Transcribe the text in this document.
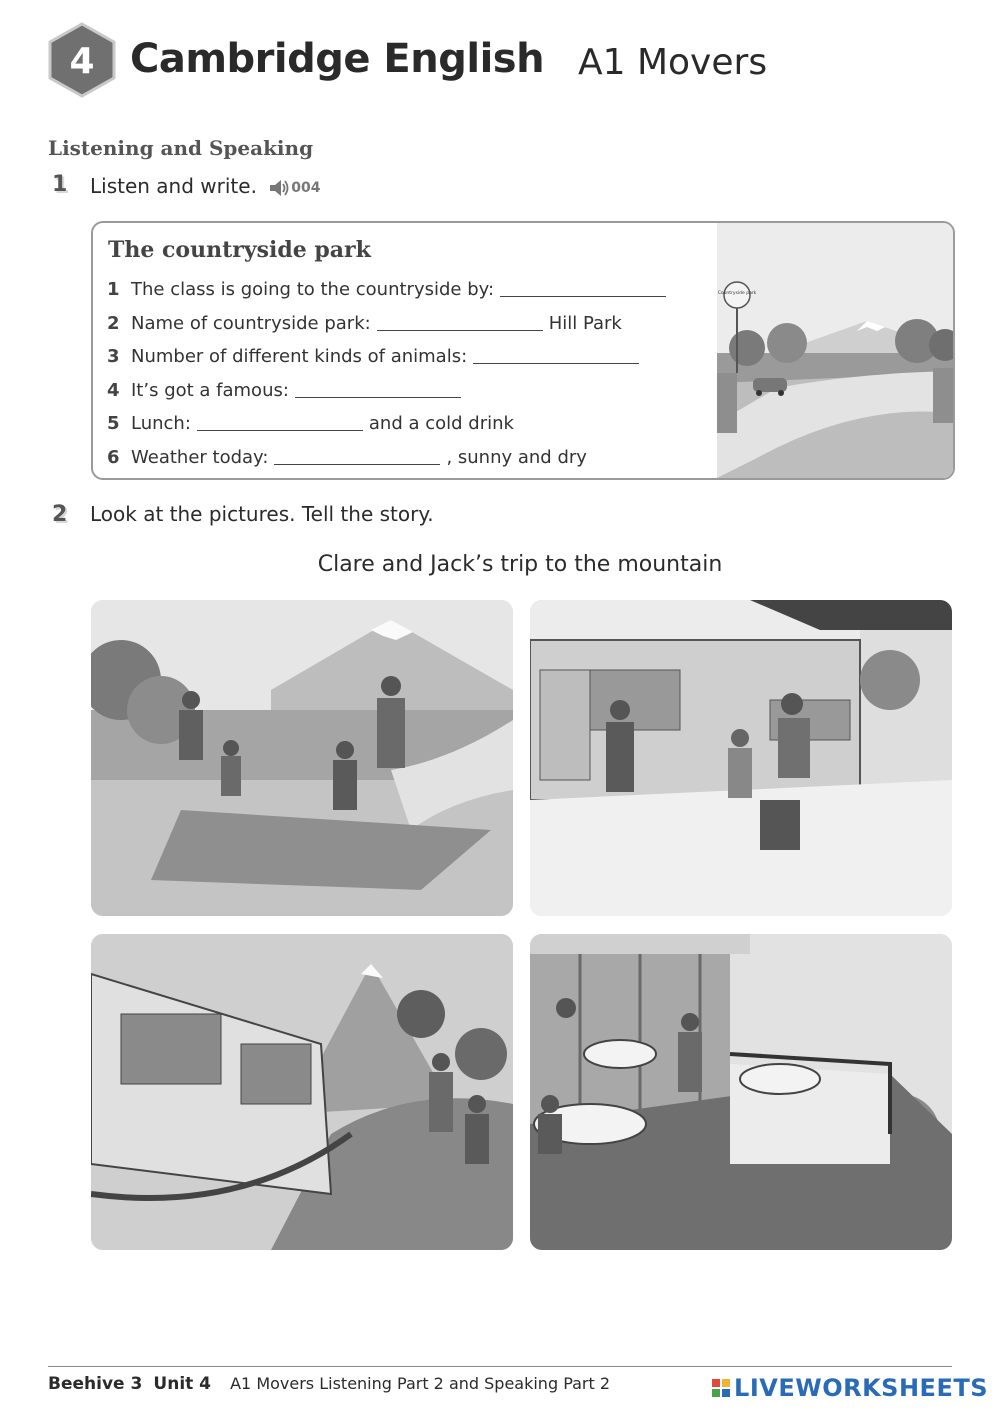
4 Cambridge English A1 Movers
Listening and Speaking
1 Listen and write. 004
The countryside park
1 The class is going to the countryside by:
2 Name of countryside park:	Hill Park
3 Number of different kinds of animals:
4 It’s got a famous:
5 Lunch:	and a cold drink
6 Weather today:	, sunny and dry
Countryside park
2 Look at the pictures. Tell the story.
Clare and Jack’s trip to the mountain
Beehive 3 Unit 4 A1 Movers Listening Part 2 and Speaking Part 2	LIVEWORKSHEETS
